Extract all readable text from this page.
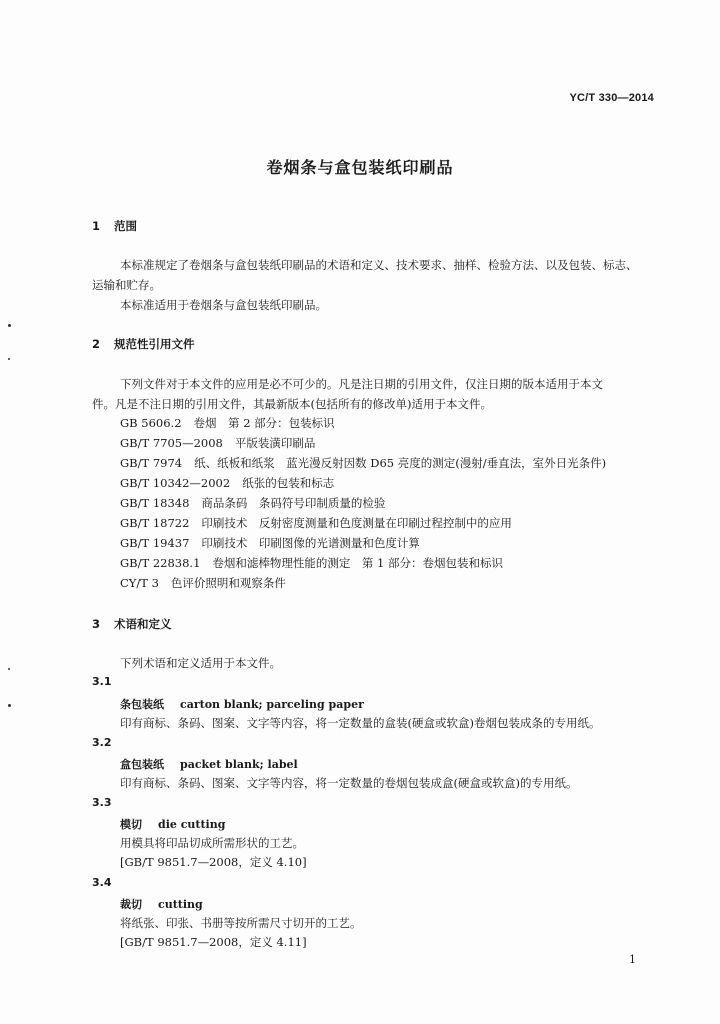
YC/T 330—2014
卷烟条与盒包装纸印刷品
1 范围
本标准规定了卷烟条与盒包装纸印刷品的术语和定义、技术要求、抽样、检验方法、以及包装、标志、
运输和贮存。
本标准适用于卷烟条与盒包装纸印刷品。
2 规范性引用文件
下列文件对于本文件的应用是必不可少的。凡是注日期的引用文件，仅注日期的版本适用于本文
件。凡是不注日期的引用文件，其最新版本(包括所有的修改单)适用于本文件。
GB 5606.2 卷烟　第 2 部分：包装标识
GB/T 7705—2008 平版装潢印刷品
GB/T 7974 纸、纸板和纸浆　蓝光漫反射因数 D65 亮度的测定(漫射/垂直法，室外日光条件)
GB/T 10342—2002 纸张的包装和标志
GB/T 18348 商品条码　条码符号印制质量的检验
GB/T 18722 印刷技术　反射密度测量和色度测量在印刷过程控制中的应用
GB/T 19437 印刷技术　印刷图像的光谱测量和色度计算
GB/T 22838.1 卷烟和滤棒物理性能的测定　第 1 部分：卷烟包装和标识
CY/T 3 色评价照明和观察条件
3 术语和定义
下列术语和定义适用于本文件。
3.1
条包装纸 carton blank; parceling paper
印有商标、条码、图案、文字等内容，将一定数量的盒装(硬盒或软盒)卷烟包装成条的专用纸。
3.2
盒包装纸 packet blank; label
印有商标、条码、图案、文字等内容，将一定数量的卷烟包装成盒(硬盒或软盒)的专用纸。
3.3
模切 die cutting
用模具将印品切成所需形状的工艺。
[GB/T 9851.7—2008，定义 4.10]
3.4
裁切 cutting
将纸张、印张、书册等按所需尺寸切开的工艺。
[GB/T 9851.7—2008，定义 4.11]
1
